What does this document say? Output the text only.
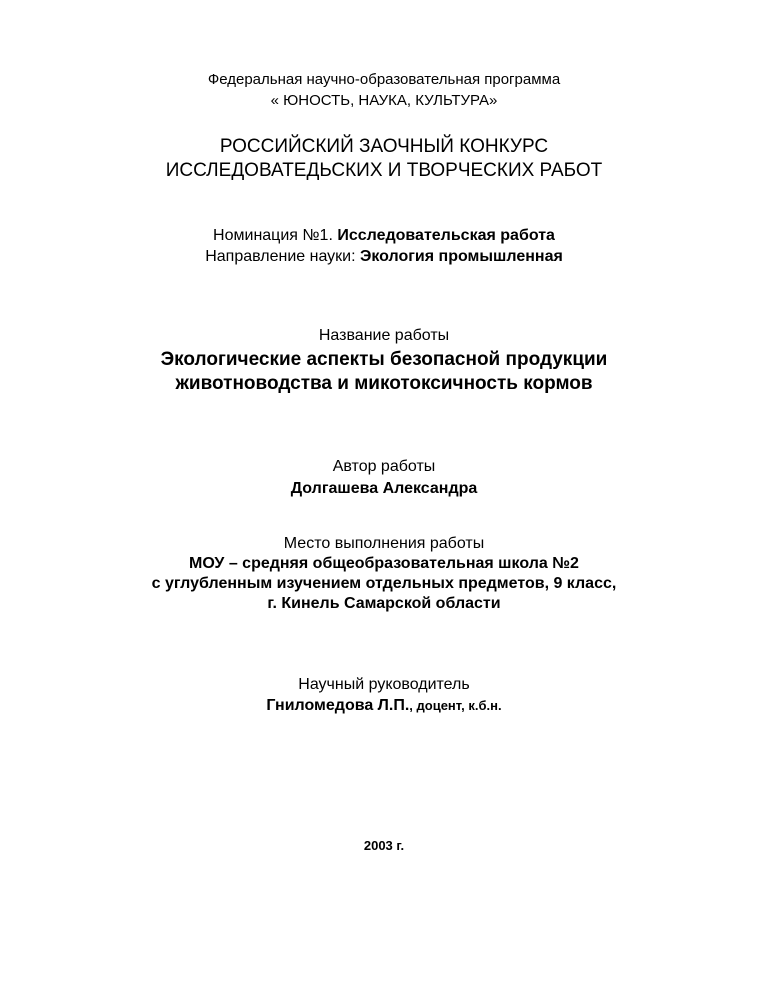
Федеральная научно-образовательная программа
« ЮНОСТЬ, НАУКА, КУЛЬТУРА»
РОССИЙСКИЙ ЗАОЧНЫЙ КОНКУРС
ИССЛЕДОВАТЕДЬСКИХ И ТВОРЧЕСКИХ РАБОТ
Номинация №1. Исследовательская работа
Направление науки: Экология промышленная
Название работы
Экологические аспекты безопасной продукции
животноводства и микотоксичность кормов
Автор работы
Долгашева Александра
Место выполнения работы
МОУ – средняя общеобразовательная школа №2
с углубленным изучением отдельных предметов, 9 класс,
г. Кинель Самарской области
Научный руководитель
Гниломедова Л.П., доцент, к.б.н.
2003 г.
